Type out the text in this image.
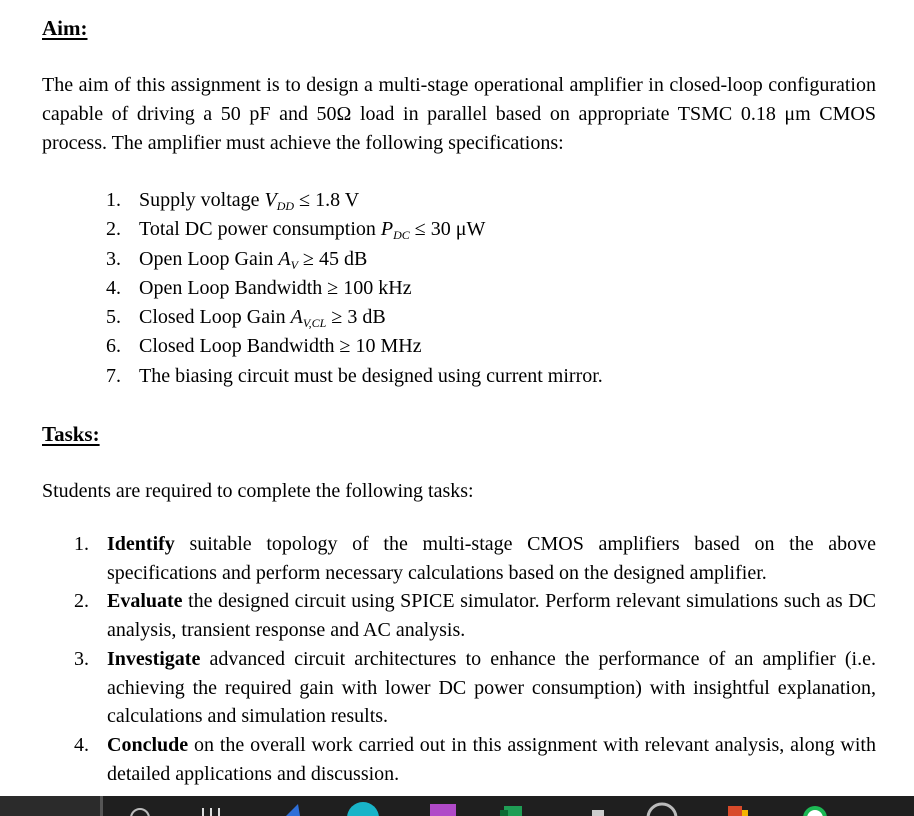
Aim:

The aim of this assignment is to design a multi-stage operational amplifier in closed-loop configuration capable of driving a 50 pF and 50Ω load in parallel based on appropriate TSMC 0.18 μm CMOS process. The amplifier must achieve the following specifications:

1. Supply voltage $V_{DD} \le 1.8$ V
2. Total DC power consumption $P_{DC} \le 30$ μW
3. Open Loop Gain $A_V \ge 45$ dB
4. Open Loop Bandwidth ≥ 100 kHz
5. Closed Loop Gain $A_{V,CL} \ge 3$ dB
6. Closed Loop Bandwidth ≥ 10 MHz
7. The biasing circuit must be designed using current mirror.
Tasks:

Students are required to complete the following tasks:

1. Identify suitable topology of the multi-stage CMOS amplifiers based on the above specifications and perform necessary calculations based on the designed amplifier.
2. Evaluate the designed circuit using SPICE simulator. Perform relevant simulations such as DC analysis, transient response and AC analysis.
3. Investigate advanced circuit architectures to enhance the performance of an amplifier (i.e. achieving the required gain with lower DC power consumption) with insightful explanation, calculations and simulation results.
4. Conclude on the overall work carried out in this assignment with relevant analysis, along with detailed applications and discussion.
